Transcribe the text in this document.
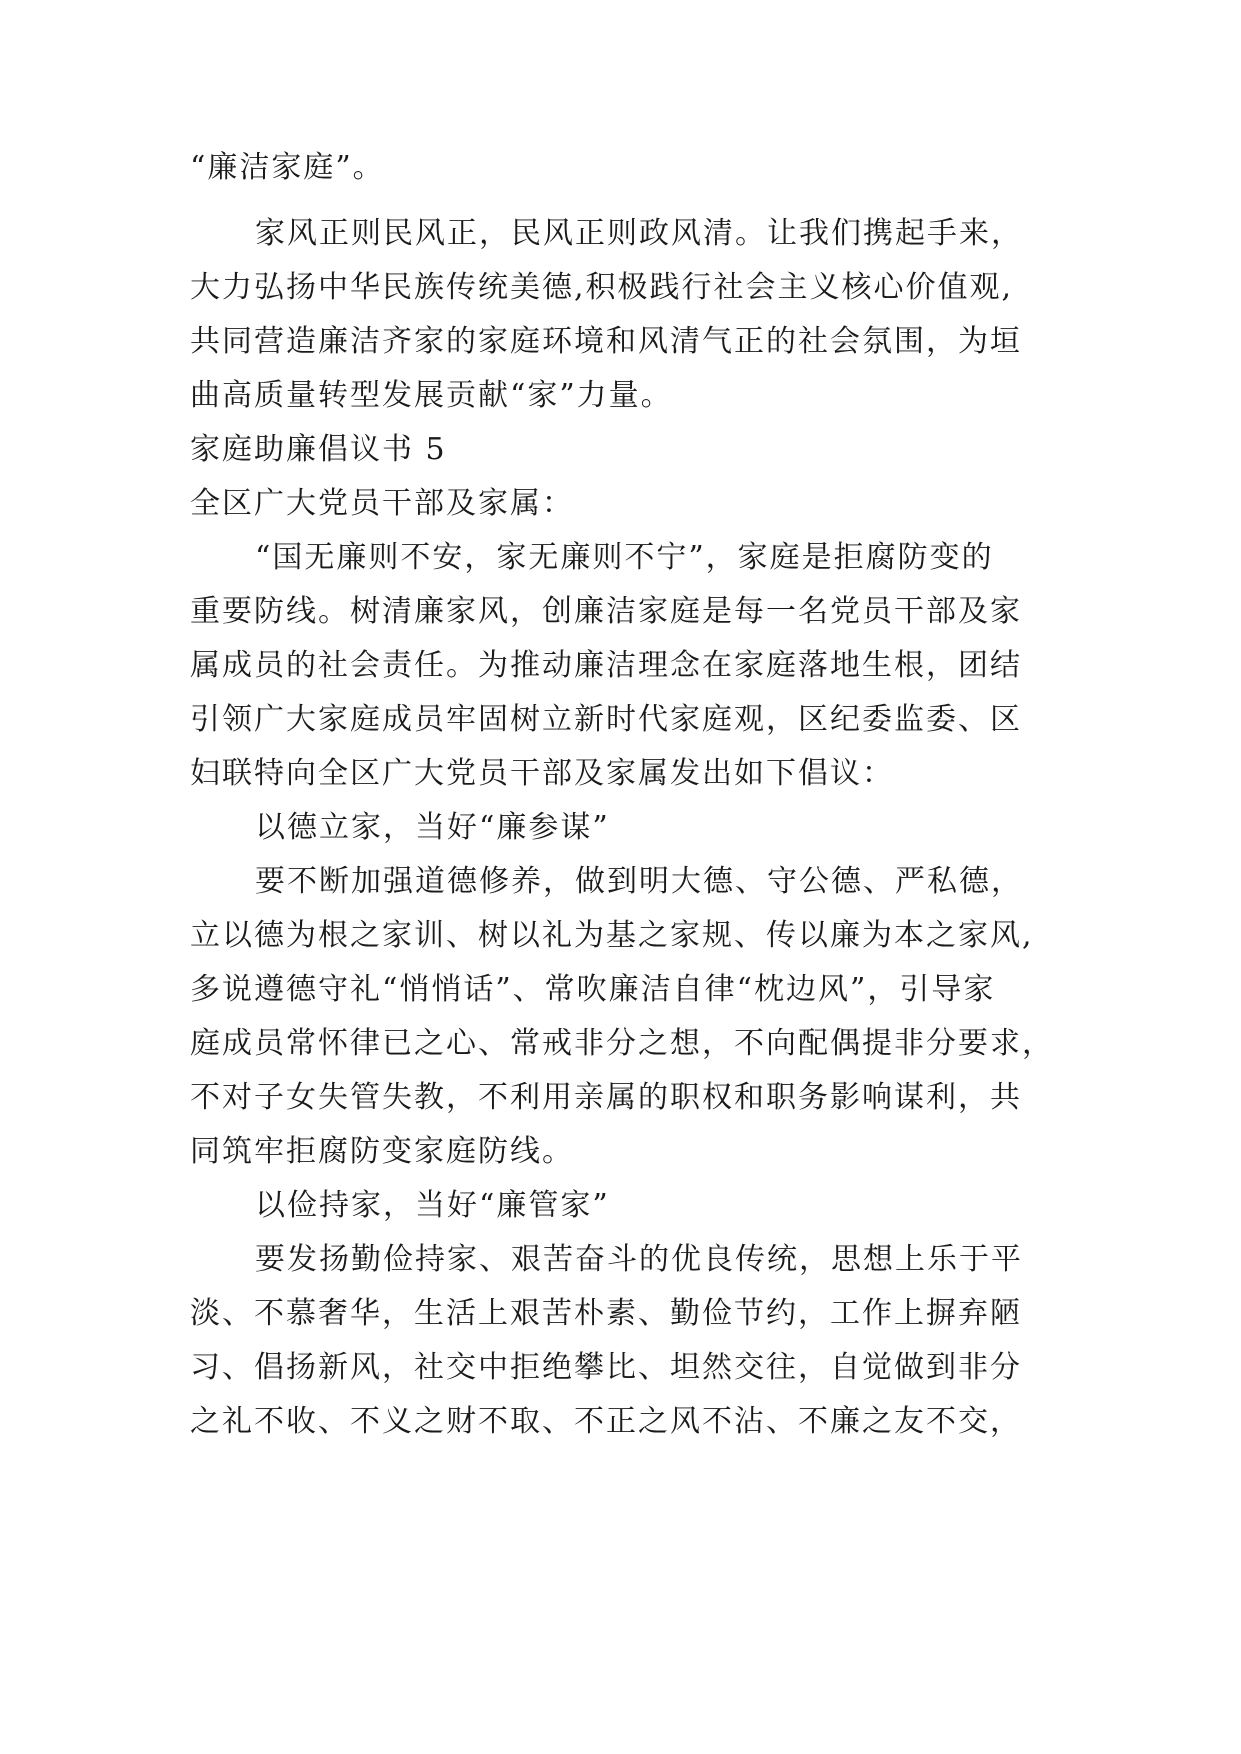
“廉洁家庭”。
家风正则民风正，民风正则政风清。让我们携起手来，
大力弘扬中华民族传统美德,积极践行社会主义核心价值观,
共同营造廉洁齐家的家庭环境和风清气正的社会氛围，为垣
曲高质量转型发展贡献“家”力量。
家庭助廉倡议书 5
全区广大党员干部及家属：
“国无廉则不安，家无廉则不宁”，家庭是拒腐防变的
重要防线。树清廉家风，创廉洁家庭是每一名党员干部及家
属成员的社会责任。为推动廉洁理念在家庭落地生根，团结
引领广大家庭成员牢固树立新时代家庭观，区纪委监委、区
妇联特向全区广大党员干部及家属发出如下倡议：
以德立家，当好“廉参谋”
要不断加强道德修养，做到明大德、守公德、严私德，
立以德为根之家训、树以礼为基之家规、传以廉为本之家风,
多说遵德守礼“悄悄话”、常吹廉洁自律“枕边风”，引导家
庭成员常怀律已之心、常戒非分之想，不向配偶提非分要求，
不对子女失管失教，不利用亲属的职权和职务影响谋利，共
同筑牢拒腐防变家庭防线。
以俭持家，当好“廉管家”
要发扬勤俭持家、艰苦奋斗的优良传统，思想上乐于平
淡、不慕奢华，生活上艰苦朴素、勤俭节约，工作上摒弃陋
习、倡扬新风，社交中拒绝攀比、坦然交往，自觉做到非分
之礼不收、不义之财不取、不正之风不沾、不廉之友不交，
